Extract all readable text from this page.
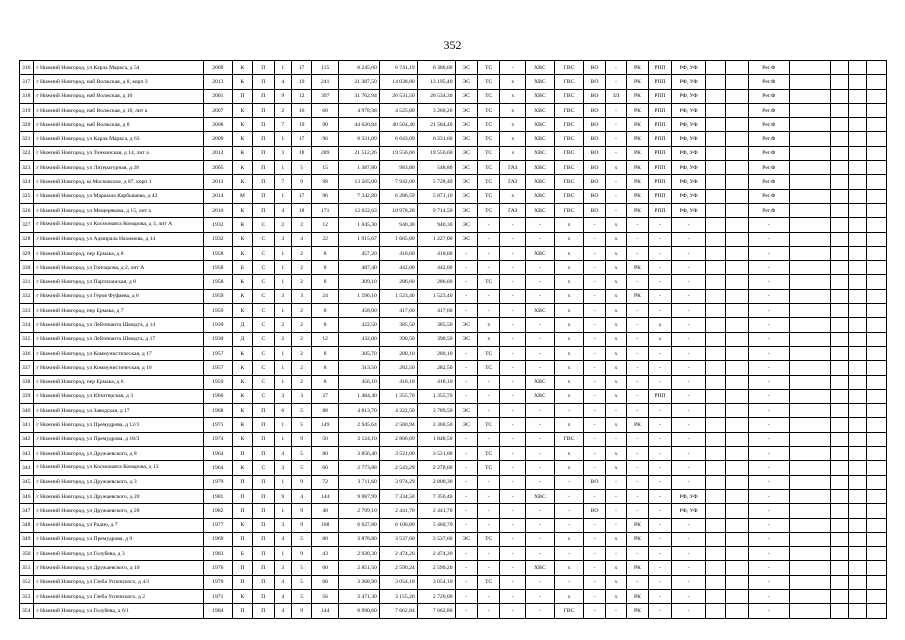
352
316	г Нижний Новгород, ул Карла Маркса, д 54	2009	К	П	1	17	115	8 245,60	6 741,19	6 380,60	ЭС	ТС	-	ХВС	ГВС	ВО	-	РК	РПП	РФ, УФ			Рег.Ф				
317	г Нижний Новгород, наб Волжская, д 8, корп 3	2013	К	П	4	19	241	21 387,50	14 038,80	13 195,40	ЭС	ТС	х	ХВС	ГВС	ВО	-	РК	РПП	РФ, УФ			Рег.Ф				
318	г Нижний Новгород, наб Волжская, д 10	2001	П	П	9	12	397	31 762,94	26 531,50	26 534,30	ЭС	ТС	х	ХВС	ГВС	ВО	ЗЛ	РК	РПП	РФ, УФ			Рег.Ф				
319	г Нижний Новгород, наб Волжская, д 10, лит а	2007	К	П	2	16	60	4 978,38	4 525,80	3 260,20	ЭС	ТС	х	ХВС	ГВС	ВО	-	РК	РПП	РФ, УФ			Рег.Ф				
320	г Нижний Новгород, наб Волжская, д 8	2008	К	П	7	19	90	44 620,84	40 564,40	21 584,40	ЭС	ТС	х	ХВС	ГВС	ВО	-	РК	РПП	РФ, УФ			Рег.Ф				
321	г Нижний Новгород, ул Карла Маркса, д 63	2009	К	П	1	17	96	8 331,09	6 643,09	6 231,60	ЭС	ТС	х	ХВС	ГВС	ВО	-	РК	РПП	РФ, УФ			Рег.Ф				
322	г Нижний Новгород, ул Тонкинская, д 14, лит а	2012	К	П	3	18	289	21 512,26	19 556,60	19 556,60	ЭС	ТС	х	ХВС	ГВС	ВО	-	РК	РПП	РФ, УФ			Рег.Ф				
323	г Нижний Новгород, ул Литературная, д 28	2005	К	П	1	5	15	1 387,80	983,80	548,80	ЭС	ТС	ГАЗ	ХВС	ГВС	ВО	х	РК	РПП	РФ, УФ			Рег.Ф				
324	г Нижний Новгород, ш Московское, д 87, корп 1	2013	К	П	7	9	98	13 565,00	7 942,00	5 728,40	ЭС	ТС	ГАЗ	ХВС	ГВС	ВО	-	РК	РПП	РФ, УФ			Рег.Ф				
325	г Нижний Новгород, ул Маршала Карбышева, д 43	2014	М	П	1	17	96	7 342,80	6 286,59	5 871,10	ЭС	ТС	х	ХВС	ГВС	ВО	-	РК	РПП	РФ, УФ			Рег.Ф				
326	г Нижний Новгород, ул Мещерякова, д 15, лит а	2010	К	П	4	18	171	12 622,63	10 978,20	9 714,50	ЭС	ТС	ГАЗ	ХВС	ГВС	ВО	-	РК	РПП	РФ, УФ			Рег.Ф				
327	г Нижний Новгород, ул Космонавта Комарова, д 3, лит А	1932	К	С	2	2	12	1 045,30	940,30	940,30	ЭС	-	-	-	х	-	х	-	-	-			-				
328	г Нижний Новгород, ул Адмирала Нахимова, д 14	1932	К	С	3	4	22	1 915,67	1 665,80	1 227,00	ЭС	-	-	-	х	-	х	-	-	-			-				
329	г Нижний Новгород, пер Ермака, д 8	1958	К	С	1	2	8	457,20	418,60	418,60	-	-	-	ХВС	х	-	х	-	-	-			-				
330	г Нижний Новгород, ул Гончарова, д 2, лит А	1958	Б	С	1	2	8	487,40	442,00	442,00	-	-	-	-	х	-	х	РК	-	-			-				
331	г Нижний Новгород, ул Партизанская, д 8	1958	К	С	1	2	8	309,10	286,60	286,60	-	ТС	-	-	х	-	х	-	-	-			-				
332	г Нижний Новгород, ул Героя Фуфаева, д 6	1959	К	С	3	3	24	1 596,10	1 523,40	1 523,40	-	-	-	-	х	-	х	РК	-	-			-				
333	г Нижний Новгород, пер Ермака, д 7	1959	К	С	1	2	8	458,00	417,60	417,60	-	-	-	ХВС	х	-	х	-	-	-			-				
334	г Нижний Новгород, ул Лейтенанта Шмидта, д 14	1930	Д	С	2	2	8	422,50	385,50	385,50	ЭС	х	-	-	х	-	х	-	х	-			-				
335	г Нижний Новгород, ул Лейтенанта Шмидта, д 17	1930	Д	С	2	2	12	432,00	390,50	390,50	ЭС	х	-	-	х	-	х	-	х	-			-				
336	г Нижний Новгород, ул Коммунистическая, д 17	1957	К	С	1	2	8	305,70	280,10	280,10	-	ТС	-	-	х	-	х	-	-	-			-				
337	г Нижний Новгород, ул Коммунистическая, д 16	1957	К	С	1	2	8	313,50	282,50	282,50	-	ТС	-	-	х	-	х	-	-	-			-				
338	г Нижний Новгород, пер Ермака, д 6	1959	К	С	1	2	8	456,10	418,10	418,10	-	-	-	ХВС	х	-	х	-	-	-			-				
339	г Нижний Новгород, ул Юпитерская, д 3	1960	К	С	3	3	27	1 484,40	1 355,70	1 355,70	-	-	-	ХВС	х	-	х	-	РПП	-			-				
340	г Нижний Новгород, ул Заводская, д 17	1968	К	П	6	5	88	4 813,70	4 322,50	3 789,50	ЭС	-	-	-	-	-	-	-	-	-			-				
341	г Нижний Новгород, ул Премудрова, д 12/3	1971	К	П	1	5	149	2 945,64	2 560,94	2 360,50	ЭС	ТС	-	-	х	-	х	РК	-	-			-				
342	г Нижний Новгород, ул Премудрова, д 18/3	1974	К	П	1	9	50	3 124,10	2 806,69	1 848,50	-	-	-	-	ГВС	-	-	-	-	-			-				
343	г Нижний Новгород, ул Дружаевского, д 8	1964	П	П	4	5	80	3 856,40	3 521,00	3 521,00	-	ТС	-	-	х	-	х	-	-	-			-				
344	г Нижний Новгород, ул Космонавта Комарова, д 13	1964	К	С	3	5	60	2 773,88	2 543,29	2 278,60	-	ТС	-	-	х	-	х	-	-	-			-				
345	г Нижний Новгород, ул Дружаевского, д 3	1979	П	П	1	9	72	3 711,60	3 974,29	2 800,30	-	-	-	-	-	ВО	-	-	-	-			-				
346	г Нижний Новгород, ул Дружаевского, д 20	1981	П	П	9	4	144	9 087,99	7 334,50	7 356,40	-	-	-	ХВС	-	-	-	-	-	РФ, УФ			-				
347	г Нижний Новгород, ул Дружаевского, д 28	1982	П	П	1	9	48	2 799,10	2 441,70	2 441,70	-	-	-	-	-	ВО	-	-	-	РФ, УФ			-				
348	г Нижний Новгород, ул Радио, д 7	1977	К	П	3	9	108	6 627,80	6 106,80	5 460,70	-	-	-	-	-	-	-	РК	-	-			-				
349	г Нижний Новгород, ул Премудрова, д 9	1969	П	П	4	5	80	3 878,80	3 537,60	3 537,60	ЭС	ТС	-	-	х	-	х	РК	-	-			-				
350	г Нижний Новгород, ул Голубева, д 3	1983	Б	П	1	9	43	2 930,30	2 474,20	2 474,20	-	-	-	-	-	-	-	-	-	-			-				
351	г Нижний Новгород, ул Дружаевского, д 10	1976	П	П	3	5	60	2 851,50	2 590,24	2 590,20	-	-	-	ХВС	х	-	х	РК	-	-			-				
352	г Нижний Новгород, ул Глеба Успенского, д 4/1	1970	П	П	4	5	60	3 368,90	3 054,10	3 054,10	-	ТС	-	-	-	-	х	-	-	-			-				
353	г Нижний Новгород, ул Глеба Успенского, д 2	1971	К	П	4	5	56	3 471,30	3 155,20	2 726,00	-	-	-	-	х	-	х	РК	-	-			-				
354	г Нижний Новгород, ул Голубева, д 6/1	1984	П	П	4	9	144	8 990,60	7 662,84	7 662,80	-	-	-	-	ГВС	-	-	РК	-	-			-				
